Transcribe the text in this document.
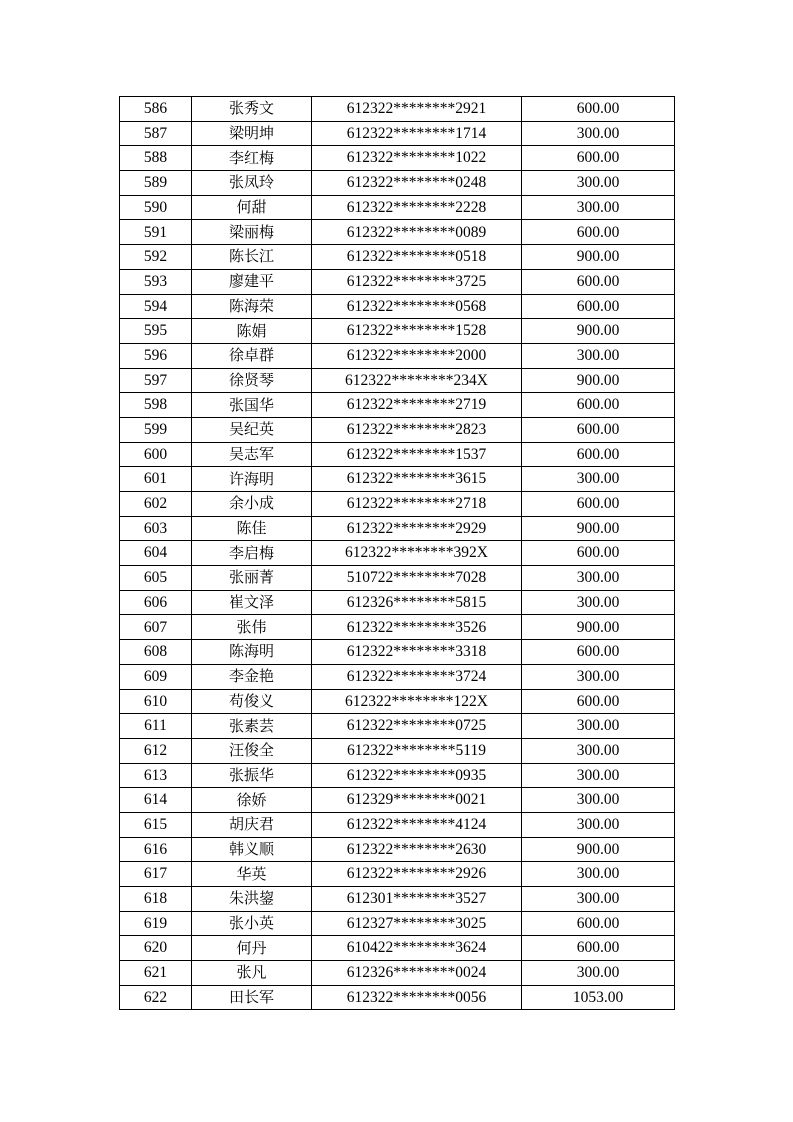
586	张秀文	612322********2921	600.00
587	梁明坤	612322********1714	300.00
588	李红梅	612322********1022	600.00
589	张凤玲	612322********0248	300.00
590	何甜	612322********2228	300.00
591	梁丽梅	612322********0089	600.00
592	陈长江	612322********0518	900.00
593	廖建平	612322********3725	600.00
594	陈海荣	612322********0568	600.00
595	陈娟	612322********1528	900.00
596	徐卓群	612322********2000	300.00
597	徐贤琴	612322********234X	900.00
598	张国华	612322********2719	600.00
599	吴纪英	612322********2823	600.00
600	吴志军	612322********1537	600.00
601	许海明	612322********3615	300.00
602	余小成	612322********2718	600.00
603	陈佳	612322********2929	900.00
604	李启梅	612322********392X	600.00
605	张丽菁	510722********7028	300.00
606	崔文泽	612326********5815	300.00
607	张伟	612322********3526	900.00
608	陈海明	612322********3318	600.00
609	李金艳	612322********3724	300.00
610	苟俊义	612322********122X	600.00
611	张素芸	612322********0725	300.00
612	汪俊全	612322********5119	300.00
613	张振华	612322********0935	300.00
614	徐娇	612329********0021	300.00
615	胡庆君	612322********4124	300.00
616	韩义顺	612322********2630	900.00
617	华英	612322********2926	300.00
618	朱洪鋆	612301********3527	300.00
619	张小英	612327********3025	600.00
620	何丹	610422********3624	600.00
621	张凡	612326********0024	300.00
622	田长军	612322********0056	1053.00
